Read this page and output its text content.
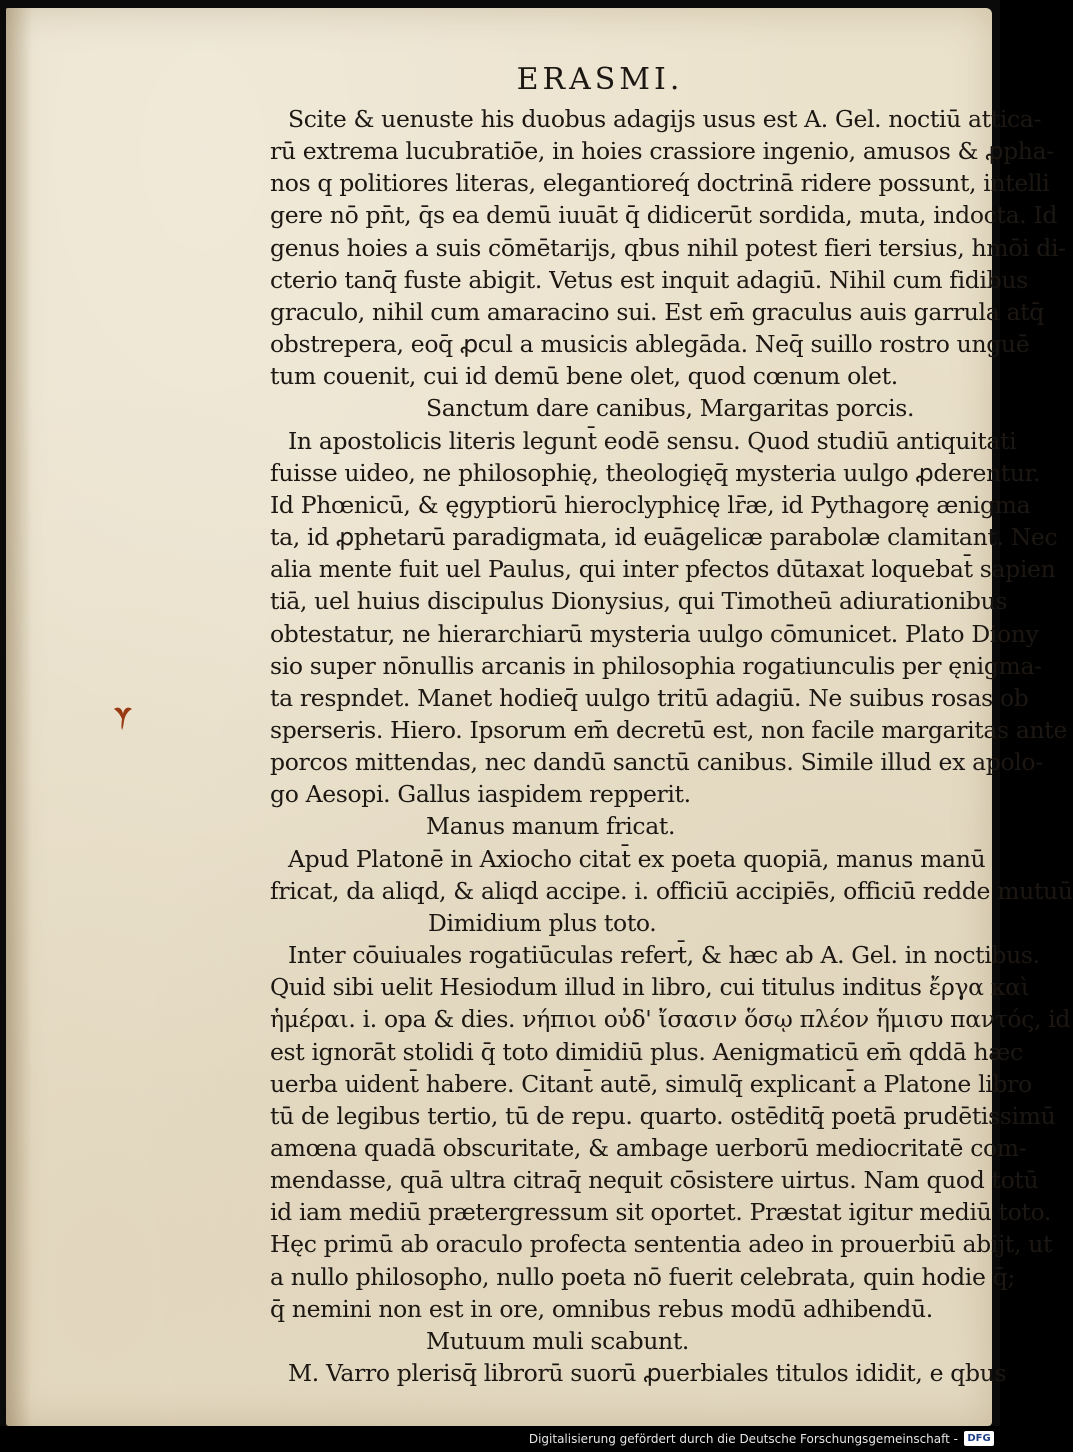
ERASMI.
Scite & uenuste his duobus adagijs usus est A. Gel. noctiū attica-
rū extrema lucubratiōe, in hoies crassiore ingenio, amusos & ꝓpha-
nos q politiores literas, elegantioreq́ doctrinā ridere possunt, intelli
gere nō pn̄t, q̄s ea demū iuuāt q̄ didicerūt sordida, muta, indocta. Id
genus hoies a suis cōmētarijs, qbus nihil potest fieri tersius, hmōi di-
cterio tanq̄ fuste abigit. Vetus est inquit adagiū. Nihil cum fidibus
graculo, nihil cum amaracino sui. Est em̄ graculus auis garrula atq̄
obstrepera, eoq̄ ꝓcul a musicis ablegāda. Neq̄ suillo rostro unguē
tum couenit, cui id demū bene olet, quod cœnum olet.
Sanctum dare canibus, Margaritas porcis.
In apostolicis literis legunt̄ eodē sensu. Quod studiū antiquitati
fuisse uideo, ne philosophię, theologięq̄ mysteria uulgo ꝓderentur.
Id Phœnicū, & ęgyptiorū hieroclyphicę lr̄æ, id Pythagorę ænigma
ta, id ꝓphetarū paradigmata, id euāgelicæ parabolæ clamitant. Nec
alia mente fuit uel Paulus, qui inter pfectos dūtaxat loquebat̄ sapien
tiā, uel huius discipulus Dionysius, qui Timotheū adiurationibus
obtestatur, ne hierarchiarū mysteria uulgo cōmunicet. Plato Diony
sio super nōnullis arcanis in philosophia rogatiunculis per ęnigma-
ta respndet. Manet hodieq̄ uulgo tritū adagiū. Ne suibus rosas ob
sperseris. Hiero. Ipsorum em̄ decretū est, non facile margaritas ante
porcos mittendas, nec dandū sanctū canibus. Simile illud ex apolo-
go Aesopi. Gallus iaspidem repperit.
Manus manum fricat.
Apud Platonē in Axiocho citat̄ ex poeta quopiā, manus manū
fricat, da aliqd, & aliqd accipe. i. officiū accipiēs, officiū redde mutuū
Dimidium plus toto.
Inter cōuiuales rogatiūculas refert̄, & hæc ab A. Gel. in noctibus.
Quid sibi uelit Hesiodum illud in libro, cui titulus inditus ἔργα καὶ
ἡμέραι. i. opa & dies. νήπιοι οὐδ' ἴσασιν ὅσῳ πλέον ἥμισυ παντός, id
est ignorāt stolidi q̄ toto dimidiū plus. Aenigmaticū em̄ qddā hæc
uerba uident̄ habere. Citant̄ autē, simulq̄ explicant̄ a Platone libro
tū de legibus tertio, tū de repu. quarto. ostēditq̄ poetā prudētissimū
amœna quadā obscuritate, & ambage uerborū mediocritatē com-
mendasse, quā ultra citraq̄ nequit cōsistere uirtus. Nam quod totū
id iam mediū prætergressum sit oportet. Præstat igitur mediū toto.
Hęc primū ab oraculo profecta sententia adeo in prouerbiū abijt, ut
a nullo philosopho, nullo poeta nō fuerit celebrata, quin hodie q̄;
q̄ nemini non est in ore, omnibus rebus modū adhibendū.
Mutuum muli scabunt.
M. Varro plerisq̄ librorū suorū ꝓuerbiales titulos ididit, e qbus
Digitalisierung gefördert durch die Deutsche Forschungsgemeinschaft - DFG
